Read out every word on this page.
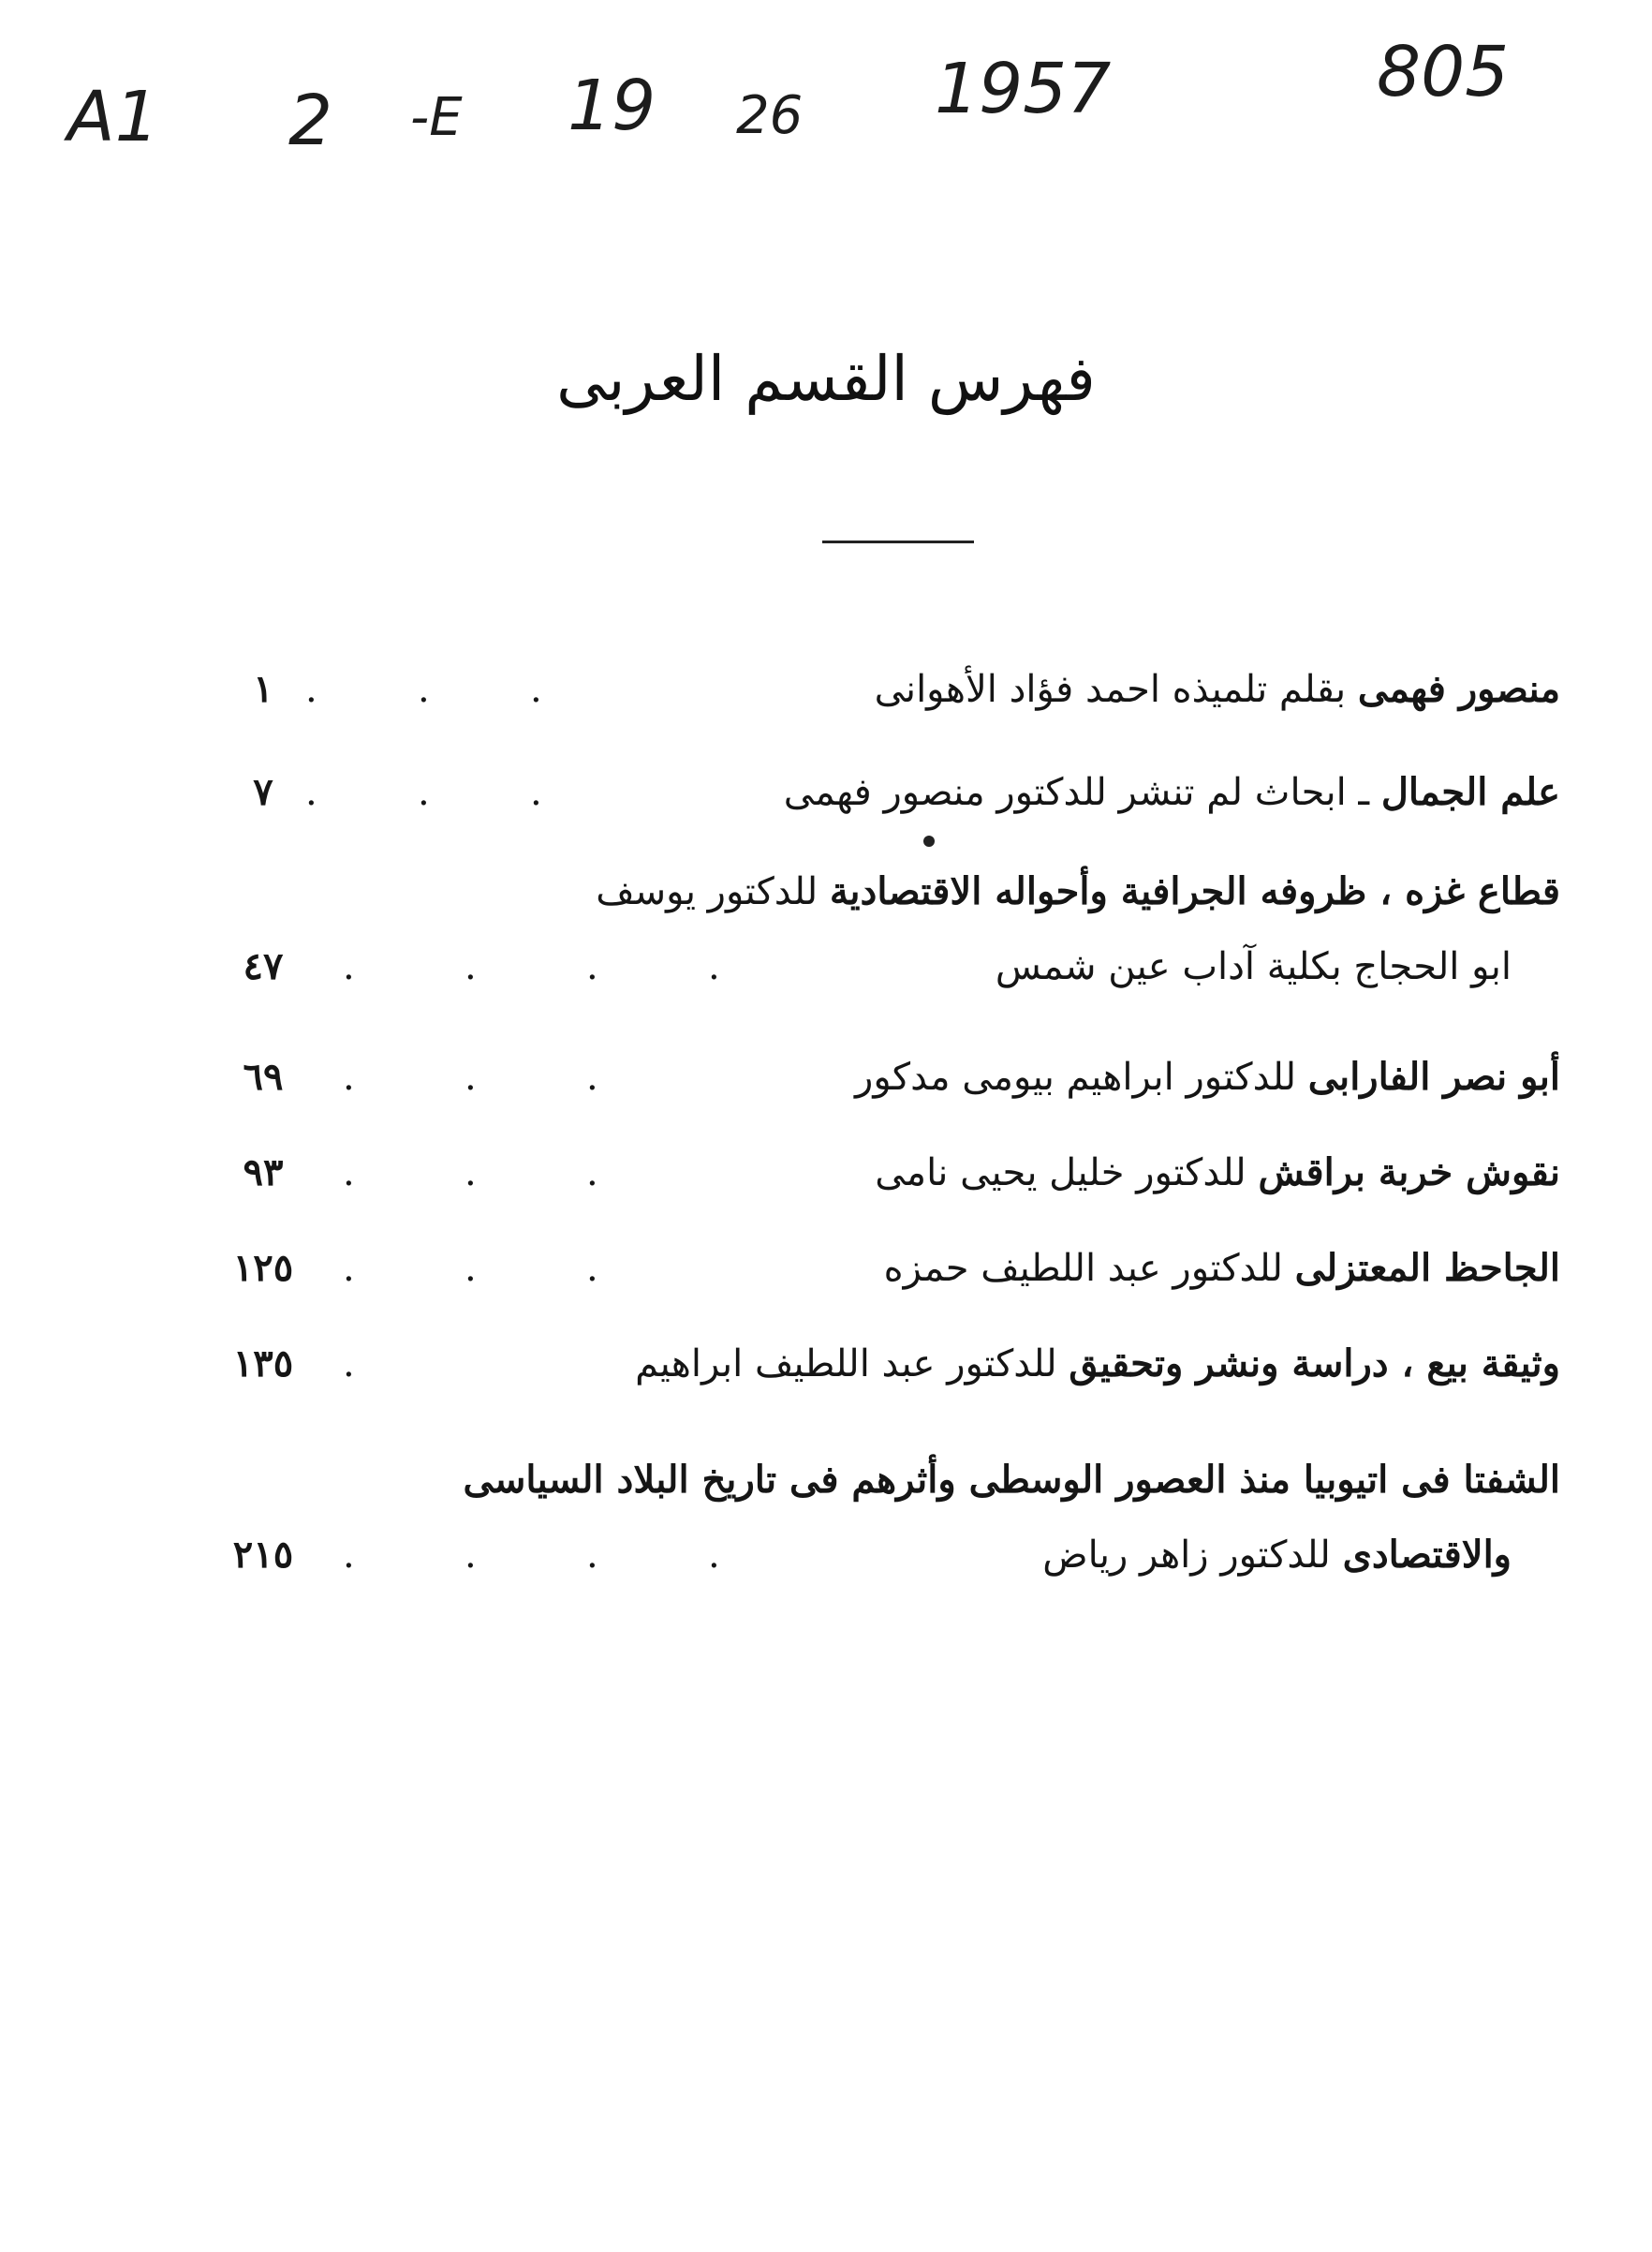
A1 2 -E 19 26 1957	805
فهرس القسم العربى
منصور فهمى بقلم تلميذه احمد فؤاد الأهوانى
.
.
.
١
علم الجمال ـ ابحاث لم تنشر للدكتور منصور فهمى
.
.
.
٧
قطاع غزه ، ظروفه الجرافية وأحواله الاقتصادية للدكتور يوسف
ابو الحجاج بكلية آداب عين شمس
.
.
.
.
٤٧
أبو نصر الفارابى للدكتور ابراهيم بيومى مدكور
.
.
.
٦٩
نقوش خربة براقش للدكتور خليل يحيى نامى
.
.
.
٩٣
الجاحظ المعتزلى للدكتور عبد اللطيف حمزه
.
.
.
١٢٥
وثيقة بيع ، دراسة ونشر وتحقيق للدكتور عبد اللطيف ابراهيم
.
١٣٥
الشفتا فى اتيوبيا منذ العصور الوسطى وأثرهم فى تاريخ البلاد السياسى
والاقتصادى للدكتور زاهر رياض
.
.
.
.
٢١٥
